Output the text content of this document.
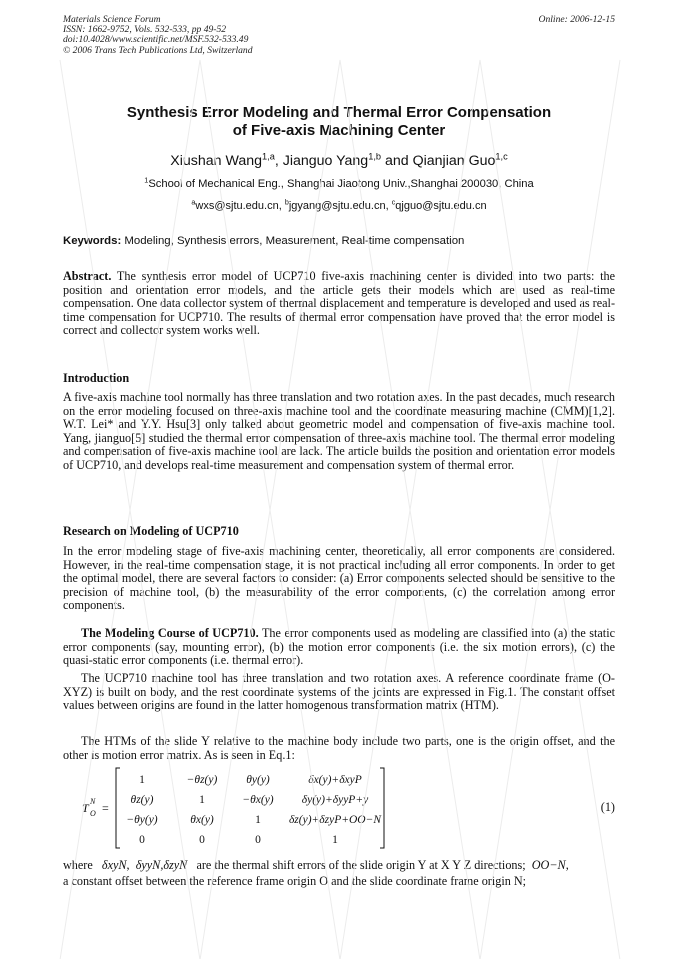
Materials Science Forum
ISSN: 1662-9752, Vols. 532-533, pp 49-52
doi:10.4028/www.scientific.net/MSF.532-533.49
© 2006 Trans Tech Publications Ltd, Switzerland
Online: 2006-12-15
Synthesis Error Modeling and Thermal Error Compensation
of Five-axis Machining Center
Xiushan Wang$^{1,a}$, Jianguo Yang$^{1,b}$ and Qianjian Guo$^{1,c}$
$^1$School of Mechanical Eng., Shanghai Jiaotong Univ.,Shanghai 200030, China
$^a$wxs@sjtu.edu.cn, $^b$jgyang@sjtu.edu.cn, $^c$qjguo@sjtu.edu.cn
Keywords: Modeling, Synthesis errors, Measurement, Real-time compensation
Abstract. The synthesis error model of UCP710 five-axis machining center is divided into two parts: the position and orientation error models, and the article gets their models which are used as real-time compensation. One data collector system of thermal displacement and temperature is developed and used as real-time compensation for UCP710. The results of thermal error compensation have proved that the error model is correct and collector system works well.
Introduction
A five-axis machine tool normally has three translation and two rotation axes. In the past decades, much research on the error modeling focused on three-axis machine tool and the coordinate measuring machine (CMM)[1,2]. W.T. Lei* and Y.Y. Hsu[3] only talked about geometric model and compensation of five-axis machine tool. Yang, jianguo[5] studied the thermal error compensation of three-axis machine tool. The thermal error modeling and compensation of five-axis machine tool are lack. The article builds the position and orientation error models of UCP710, and develops real-time measurement and compensation system of thermal error.
Research on Modeling of UCP710
In the error modeling stage of five-axis machining center, theoretically, all error components are considered. However, in the real-time compensation stage, it is not practical including all error components. In order to get the optimal model, there are several factors to consider: (a) Error components selected should be sensitive to the precision of machine tool, (b) the measurability of the error components, (c) the correlation among error components.
The Modeling Course of UCP710. The error components used as modeling are classified into (a) the static error components (say, mounting error), (b) the motion error components (i.e. the six motion errors), (c) the quasi-static error components (i.e. thermal error).
The UCP710 machine tool has three translation and two rotation axes. A reference coordinate frame (O-XYZ) is built on body, and the rest coordinate systems of the joints are expressed in Fig.1. The constant offset values between origins are found in the latter homogenous transformation matrix (HTM).
The HTMs of the slide Y relative to the machine body include two parts, one is the origin offset, and the other is motion error matrix. As is seen in Eq.1:
T N
O =
1	−θz(y)	θy(y)	δx(y)+δxyP
θz(y)	1	−θx(y) δy(y)+δyyP+y
−θy(y)	θx(y)	1 δz(y)+δzyP+OO−N
0	0	0	1
(1)
where δxyN,  δyyN,δzyN are the thermal shift errors of the slide origin Y at X Y Z directions; OO−N,
a constant offset between the reference frame origin O and the slide coordinate frame origin N;
